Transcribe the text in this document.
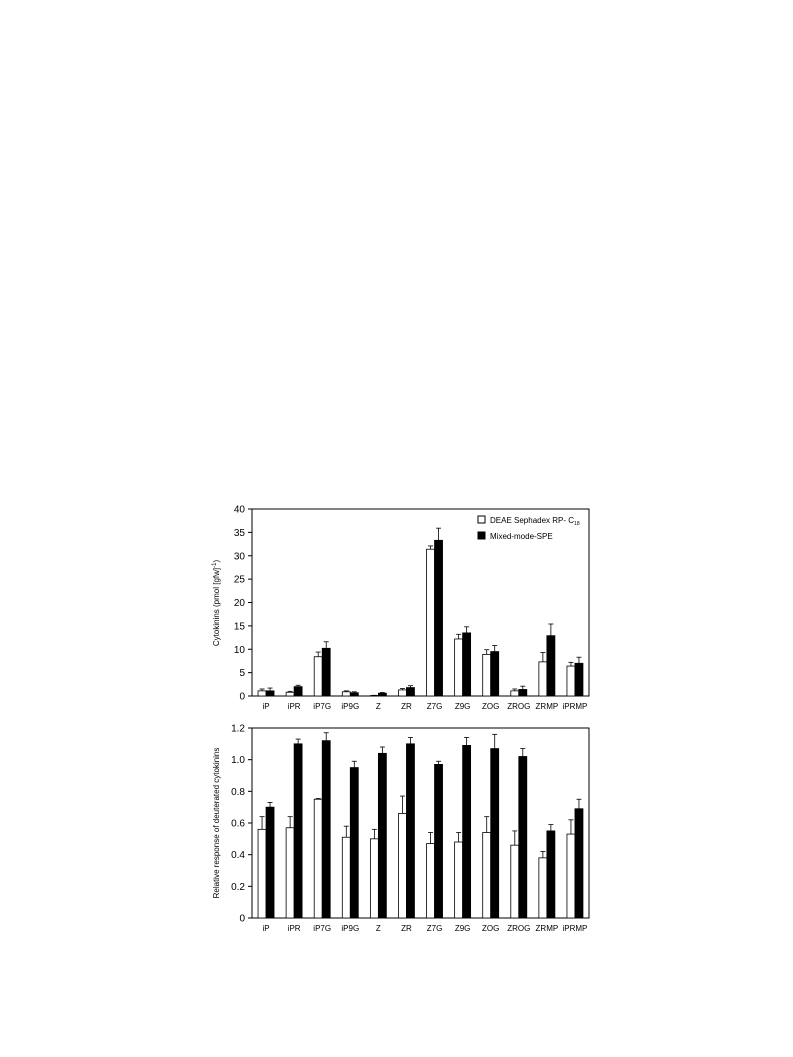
0
5
10
15
20
25
30
35
40
iP iPR iP7G iP9G Z	ZR Z7G Z9G ZOG ZROG ZRMP iPRMP
Cytokinins (pmol [gfw]$^{-1}$)
DEAE Sephadex RP- $C_{18}$
Mixed-mode-SPE
0
0.2
0.4
0.6
0.8
1.0
1.2
iP iPR iP7G iP9G Z	ZR Z7G Z9G ZOG ZROG ZRMP iPRMP
Relative response of deuterated cytokinins
